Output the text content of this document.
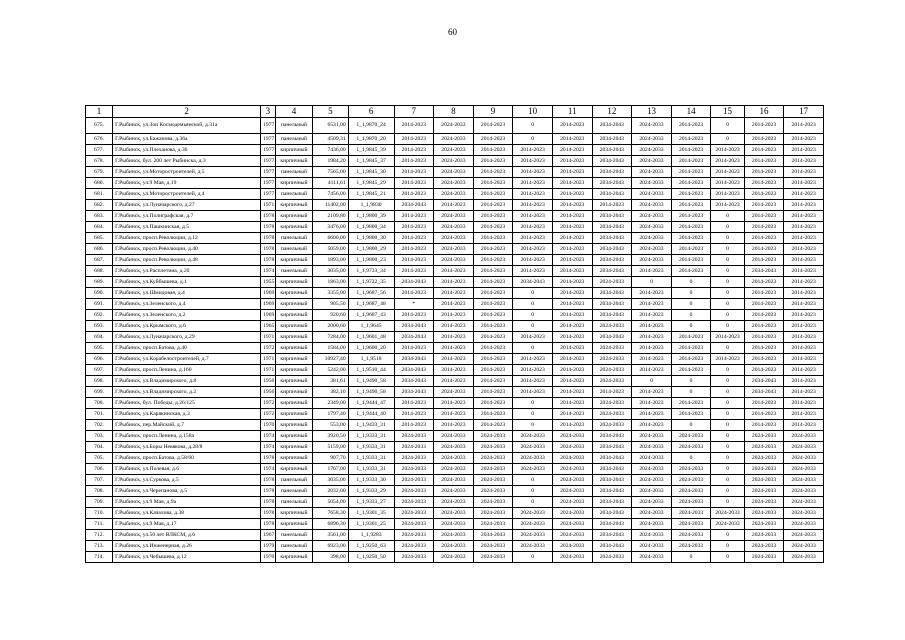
60
1	2	3	4	5	6	7	8	9	10	11	12	13	14	15	16	17
675.	Г.Рыбинск, ул.Зои Космодемьянской, д.31а	1977	панельный	6531,00	1_1,9870_24	2014-2023	2024-2033	2014-2023	0	2014-2023	2034-2043	2024-2033	2014-2023	0	2014-2023	2014-2023
676.	Г.Рыбинск, ул.Бажанова, д.36а	1977	панельный	4509,31	1_1,9870_20	2014-2023	2024-2033	2014-2023	0	2014-2023	2034-2043	2024-2033	2014-2023	0	2014-2023	2014-2023
677.	Г.Рыбинск, ул.Плеханова, д.36	1977	кирпичный	7436,00	1_1,9845_39	2014-2023	2024-2033	2014-2023	2014-2023	2014-2023	2034-2043	2024-2033	2014-2023	2014-2023	2014-2023	2014-2023
678.	Г.Рыбинск, бул. 200 лет Рыбинска, д.3	1977	кирпичный	1984,20	1_1,9845_37	2014-2023	2024-2033	2014-2023	2014-2023	2014-2023	2034-2043	2024-2033	2014-2023	2014-2023	2014-2023	2014-2023
679.	Г.Рыбинск, ул.Моторостроителей, д.5	1977	панельный	7565,00	1_1,9845_30	2014-2023	2024-2033	2014-2023	2014-2023	2014-2023	2034-2043	2024-2033	2014-2023	2014-2023	2014-2023	2014-2023
680.	Г.Рыбинск, ул.9 Мая, д.19	1977	кирпичный	4111,61	1_1,9845_29	2014-2023	2024-2033	2014-2023	2014-2023	2014-2023	2034-2043	2024-2033	2014-2023	2014-2023	2014-2023	2014-2023
681.	Г.Рыбинск, ул.Моторостроителей, д.4	1977	панельный	7456,00	1_1,9845_21	2014-2023	2024-2033	2014-2023	2014-2023	2014-2023	2034-2043	2024-2033	2014-2023	2014-2023	2014-2023	2014-2023
682.	Г.Рыбинск, ул.Луначарского, д.27	1971	кирпичный	11402,00	1_1,9830	2034-2043	2014-2023	2014-2023	2014-2023	2014-2023	2014-2023	2024-2033	2014-2023	2014-2023	2014-2023	2014-2023
683.	Г.Рыбинск, ул.Полиграфская, д.7	1978	кирпичный	2109,80	1_1,9800_39	2014-2023	2024-2033	2014-2023	2014-2023	2014-2023	2034-2043	2024-2033	2014-2023	0	2014-2023	2014-2023
684.	Г.Рыбинск, ул.Пашкинская, д.5	1978	кирпичный	3476,00	1_1,9800_34	2014-2023	2024-2033	2014-2023	2014-2023	2014-2023	2034-2043	2024-2033	2014-2023	0	2014-2023	2014-2023
685.	Г.Рыбинск, просп.Революции, д.12	1978	панельный	6600,00	1_1,9800_30	2014-2023	2024-2033	2014-2023	2014-2023	2014-2023	2034-2043	2024-2033	2014-2023	0	2014-2023	2014-2023
686.	Г.Рыбинск, просп.Революции, д.40	1978	панельный	5059,00	1_1,9800_29	2014-2023	2024-2033	2014-2023	2014-2023	2014-2023	2034-2043	2024-2033	2014-2023	0	2014-2023	2014-2023
687.	Г.Рыбинск, просп.Революции, д.48	1978	кирпичный	1893,00	1_1,9800_23	2014-2023	2024-2033	2014-2023	2014-2023	2014-2023	2034-2043	2024-2033	2014-2023	0	2014-2023	2014-2023
688.	Г.Рыбинск, ул.Расплетина, д.20	1974	панельный	3035,00	1_1,9733_34	2014-2023	2014-2023	2014-2023	2014-2023	2014-2023	2034-2043	2014-2023	2014-2023	0	2034-2043	2014-2023
689.	Г.Рыбинск, ул.Куйбышева, д.1	1955	кирпичный	1863,00	1_1,9722_35	2034-2043	2014-2023	2014-2023	2034-2043	2014-2023	2024-2033	0	0	0	2014-2023	2014-2023
690.	Г.Рыбинск, ул.Шмидовая, д.4	1969	кирпичный	3355,00	1_1,9687_56	2014-2023	2014-2023	2014-2023	0	2014-2023	2034-2043	2014-2023	0	0	2014-2023	2014-2023
691.	Г.Рыбинск, ул.Зеленского, д.4	1969	кирпичный	905,50	1_1,9687_48	*	2014-2023	2014-2023	0	2014-2023	2034-2043	2014-2023	0	0	2014-2023	2014-2023
692.	Г.Рыбинск, ул.Зеленского, д.2	1969	кирпичный	920,60	1_1,9687_43	2014-2023	2014-2023	2014-2023	0	2014-2023	2034-2043	2014-2023	0	0	2014-2023	2014-2023
693.	Г.Рыбинск, ул.Крымского, д.6	1965	кирпичный	2000,60	1_1,9645	2034-2043	2014-2023	2014-2023	0	2014-2023	2024-2033	2014-2023	0	0	2014-2023	2014-2023
694.	Г.Рыбинск, ул.Луначарского, д.29	1971	кирпичный	7284,00	1_1,9601_48	2034-2043	2014-2023	2014-2023	2014-2023	2014-2023	2034-2043	2014-2023	2014-2023	2014-2023	2014-2023	2014-2023
695.	Г.Рыбинск, просп.Батова, д.40	1972	кирпичный	1584,00	1_1,9600_20	2014-2023	2014-2023	2014-2023	0	2014-2023	2024-2033	2014-2023	2014-2023	0	2014-2023	2014-2023
696.	Г.Рыбинск, ул.Корабелостроителей, д.7	1971	кирпичный	10927,40	1_1,9518	2034-2043	2014-2023	2014-2023	2014-2023	2014-2023	2024-2033	2014-2023	2014-2023	2014-2023	2014-2023	2014-2023
697.	Г.Рыбинск, просп.Ленина, д.160	1971	кирпичный	5242,00	1_1,9510_44	2034-2043	2014-2023	2014-2023	2014-2023	2014-2023	2024-2033	2014-2023	2014-2023	0	2014-2023	2014-2023
698.	Г.Рыбинск, ул.Владимирского, д.8	1956	кирпичный	381,61	1_1,9490_58	2034-2043	2014-2023	2014-2023	2014-2023	2014-2023	2024-2033	0	0	0	2034-2043	2014-2023
699.	Г.Рыбинск, ул.Владимирского, д.2	1956	кирпичный	382,10	1_1,9490_58	2034-2043	2024-2033	2014-2023	2014-2023	2014-2023	2014-2023	2014-2023	0	0	2034-2043	2014-2023
700.	Г.Рыбинск, бул. Победы, д.26/125	1972	кирпичный	2349,00	1_1,9444_47	2014-2023	2014-2023	2014-2023	0	2014-2023	2024-2033	2014-2023	2014-2023	0	2014-2023	2014-2023
701.	Г.Рыбинск, ул.Карякинская, д.3	1972	кирпичный	1797,40	1_1,9444_40	2014-2023	2014-2023	2014-2023	0	2014-2023	2024-2033	2014-2023	2014-2023	0	2014-2023	2014-2023
702.	Г.Рыбинск, пер.Майский, д.7	1970	кирпичный	553,00	1_1,9433_31	2014-2023	2014-2023	2014-2023	0	2014-2023	2024-2033	2014-2023	0	0	2014-2023	2014-2023
703.	Г.Рыбинск, просп.Ленина, д.158а	1974	кирпичный	3920,50	1_1,9333_31	2024-2033	2024-2033	2024-2033	2024-2033	2024-2033	2034-2043	2024-2033	2024-2033	0	2024-2033	2024-2033
704.	Г.Рыбинск, ул.Боры Невякова, д.28/8	1974	кирпичный	5159,00	1_1,9333_31	2024-2033	2024-2033	2024-2033	2024-2033	2024-2033	2034-2043	2024-2033	2024-2033	0	2024-2033	2024-2033
705.	Г.Рыбинск, просп.Батова, д.58/60	1978	кирпичный	907,70	1_1,9333_31	2024-2033	2024-2033	2024-2033	2024-2033	2024-2033	2034-2043	2024-2033	0	0	2024-2033	2024-2033
706.	Г.Рыбинск, ул.Полевая, д.6	1974	кирпичный	1767,00	1_1,9333_31	2024-2033	2024-2033	2024-2033	2024-2033	2024-2033	2034-2043	2024-2033	2024-2033	0	2024-2033	2024-2033
707.	Г.Рыбинск, ул.Суркова, д.5	1978	панельный	3035,00	1_1,9333_30	2024-2033	2024-2033	2024-2033	0	2024-2033	2034-2043	2024-2033	2024-2033	0	2024-2033	2024-2033
708.	Г.Рыбинск, ул.Черепанова, д.5	1978	панельный	2032,00	1_1,9333_29	2024-2033	2024-2033	2024-2033	0	2024-2033	2034-2043	2024-2033	2024-2033	0	2024-2033	2024-2033
709.	Г.Рыбинск, ул.9 Мая, д.9а	1978	панельный	5054,00	1_1,9333_27	2024-2033	2024-2033	2024-2033	0	2024-2033	2034-2043	2024-2033	2024-2033	0	2024-2033	2024-2033
710.	Г.Рыбинск, ул.Качалова, д.38	1978	кирпичный	7658,30	1_1,9301_35	2024-2033	2024-2033	2024-2033	2024-2033	2024-2033	2034-2043	2024-2033	2024-2033	2024-2033	2024-2033	2024-2033
711.	Г.Рыбинск, ул.9 Мая, д.17	1978	кирпичный	6896,30	1_1,9301_25	2024-2033	2024-2033	2024-2033	2024-2033	2024-2033	2034-2043	2024-2033	2024-2033	2024-2033	2024-2033	2024-2033
712.	Г.Рыбинск, ул.50 лет ВЛКСМ, д.6	1967	панельный	3561,00	1_1,9283	2024-2033	2024-2033	2034-2043	2024-2033	2024-2033	2034-2043	2024-2033	2024-2033	0	2024-2033	2024-2033
713.	Г.Рыбинск, ул.Инженерная, д.26	1979	панельный	6923,00	1_1,9250_63	2024-2033	2024-2033	2024-2033	2024-2033	2024-2033	2034-2043	2024-2033	2024-2033	0	2024-2033	2024-2033
714.	Г.Рыбинск, ул.Чебышева, д.12	1970	кирпичный	398,00	1_1,9250_50	2024-2033	2024-2033	2024-2033	0	2024-2033	2024-2033	2024-2033	0	0	2024-2033	2024-2033
